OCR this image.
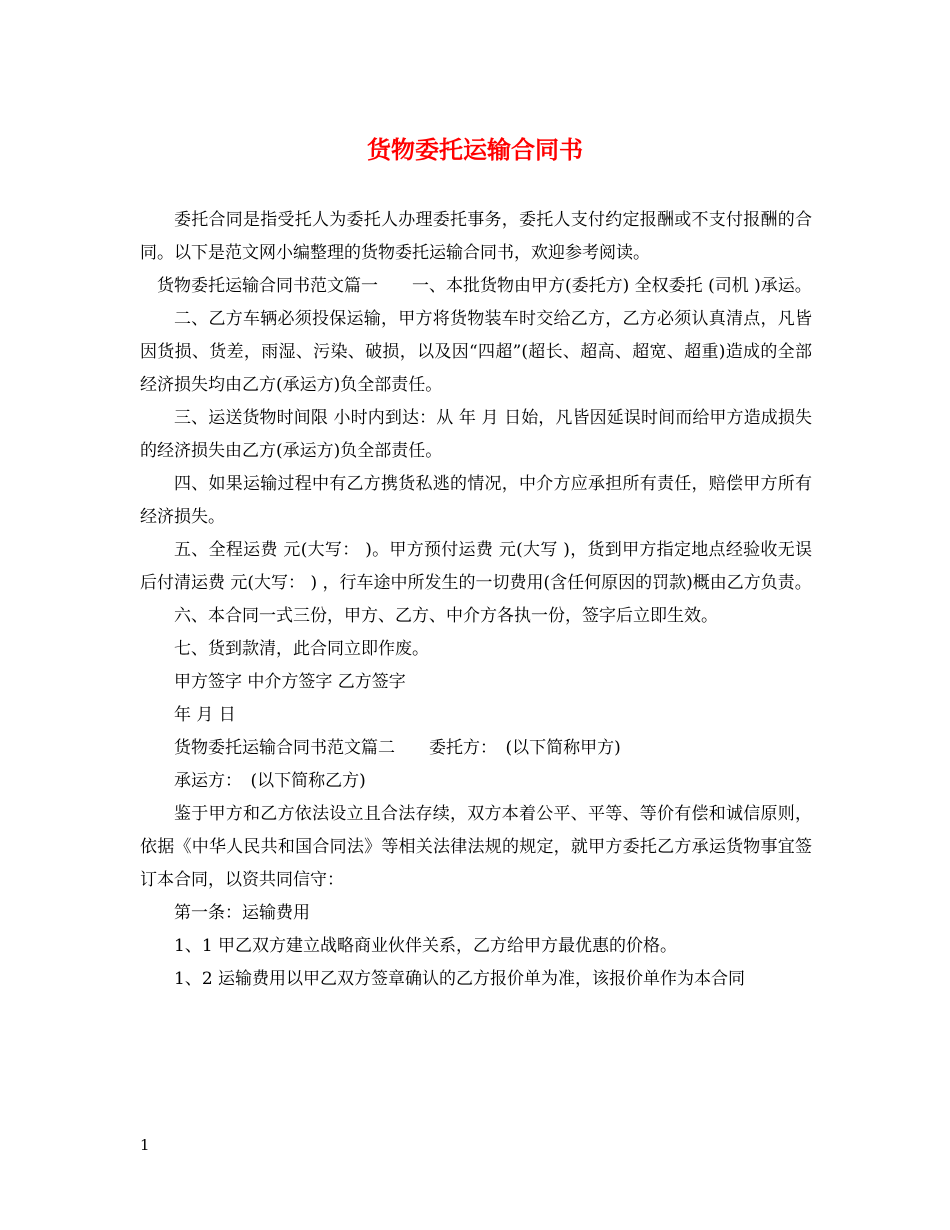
货物委托运输合同书

委托合同是指受托人为委托人办理委托事务，委托人支付约定报酬或不支付报酬的合同。以下是范文网小编整理的货物委托运输合同书，欢迎参考阅读。

货物委托运输合同书范文篇一　　一、本批货物由甲方(委托方) 全权委托 (司机 )承运。

二、乙方车辆必须投保运输，甲方将货物装车时交给乙方，乙方必须认真清点，凡皆因货损、货差，雨湿、污染、破损，以及因“四超”(超长、超高、超宽、超重)造成的全部经济损失均由乙方(承运方)负全部责任。

三、运送货物时间限 小时内到达：从 年 月 日始，凡皆因延误时间而给甲方造成损失的经济损失由乙方(承运方)负全部责任。

四、如果运输过程中有乙方携货私逃的情况，中介方应承担所有责任，赔偿甲方所有经济损失。

五、全程运费 元(大写： )。甲方预付运费 元(大写 )，货到甲方指定地点经验收无误后付清运费 元(大写： ) ，行车途中所发生的一切费用(含任何原因的罚款)概由乙方负责。

六、本合同一式三份，甲方、乙方、中介方各执一份，签字后立即生效。

七、货到款清，此合同立即作废。

甲方签字 中介方签字 乙方签字

年 月 日

货物委托运输合同书范文篇二　　委托方：　(以下简称甲方)

承运方：　(以下简称乙方)

鉴于甲方和乙方依法设立且合法存续，双方本着公平、平等、等价有偿和诚信原则，依据《中华人民共和国合同法》等相关法律法规的规定，就甲方委托乙方承运货物事宜签订本合同，以资共同信守：

第一条：运输费用

1、1 甲乙双方建立战略商业伙伴关系，乙方给甲方最优惠的价格。

1、2 运输费用以甲乙双方签章确认的乙方报价单为准，该报价单作为本合同

1
